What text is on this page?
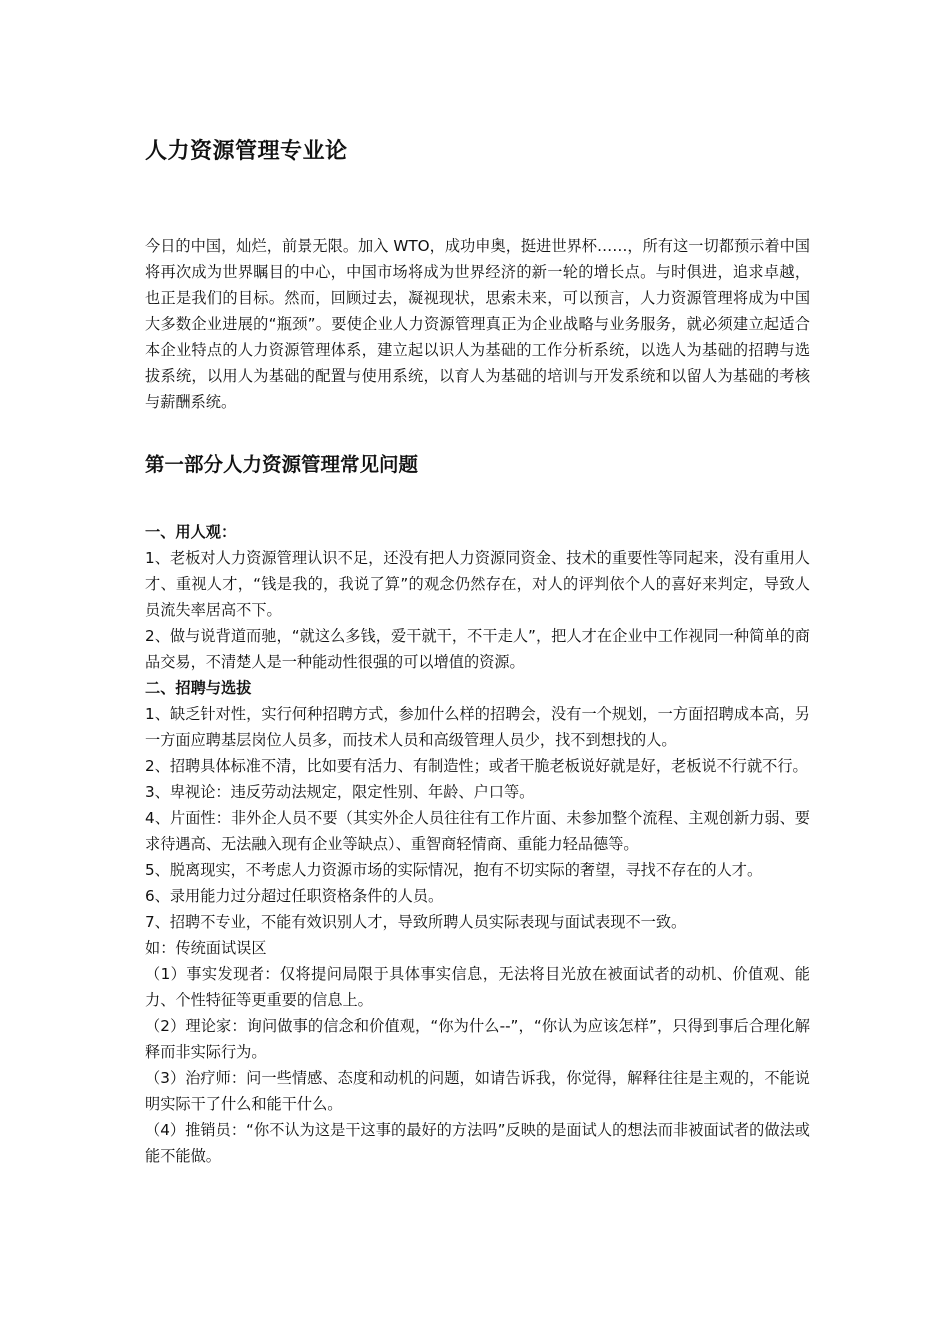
人力资源管理专业论

今日的中国，灿烂，前景无限。加入 WTO，成功申奥，挺进世界杯……，所有这一切都预示着中国将再次成为世界瞩目的中心，中国市场将成为世界经济的新一轮的增长点。与时俱进，追求卓越，也正是我们的目标。然而，回顾过去，凝视现状，思索未来，可以预言，人力资源管理将成为中国大多数企业进展的“瓶颈”。要使企业人力资源管理真正为企业战略与业务服务，就必须建立起适合本企业特点的人力资源管理体系，建立起以识人为基础的工作分析系统，以选人为基础的招聘与选拔系统，以用人为基础的配置与使用系统，以育人为基础的培训与开发系统和以留人为基础的考核与薪酬系统。

第一部分人力资源管理常见问题

一、用人观：

1、老板对人力资源管理认识不足，还没有把人力资源同资金、技术的重要性等同起来，没有重用人才、重视人才，“钱是我的，我说了算”的观念仍然存在，对人的评判依个人的喜好来判定，导致人员流失率居高不下。

2、做与说背道而驰，“就这么多钱，爱干就干，不干走人”，把人才在企业中工作视同一种简单的商品交易，不清楚人是一种能动性很强的可以增值的资源。

二、招聘与选拔

1、缺乏针对性，实行何种招聘方式，参加什么样的招聘会，没有一个规划，一方面招聘成本高，另一方面应聘基层岗位人员多，而技术人员和高级管理人员少，找不到想找的人。

2、招聘具体标准不清，比如要有活力、有制造性；或者干脆老板说好就是好，老板说不行就不行。

3、卑视论：违反劳动法规定，限定性别、年龄、户口等。

4、片面性：非外企人员不要（其实外企人员往往有工作片面、未参加整个流程、主观创新力弱、要求待遇高、无法融入现有企业等缺点）、重智商轻情商、重能力轻品德等。

5、脱离现实，不考虑人力资源市场的实际情况，抱有不切实际的奢望，寻找不存在的人才。

6、录用能力过分超过任职资格条件的人员。

7、招聘不专业，不能有效识别人才，导致所聘人员实际表现与面试表现不一致。

如：传统面试误区

（1）事实发现者：仅将提问局限于具体事实信息，无法将目光放在被面试者的动机、价值观、能力、个性特征等更重要的信息上。

（2）理论家：询问做事的信念和价值观，“你为什么--”，“你认为应该怎样”，只得到事后合理化解释而非实际行为。

（3）治疗师：问一些情感、态度和动机的问题，如请告诉我，你觉得，解释往往是主观的，不能说明实际干了什么和能干什么。

（4）推销员：“你不认为这是干这事的最好的方法吗”反映的是面试人的想法而非被面试者的做法或能不能做。
